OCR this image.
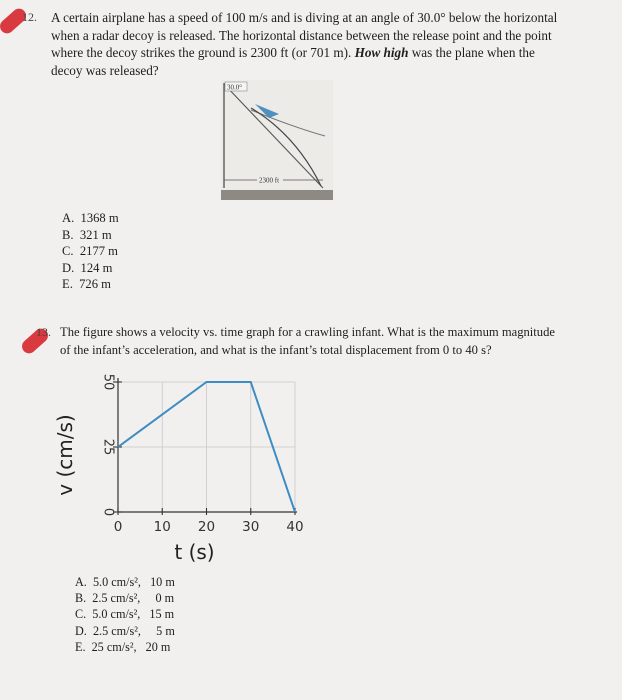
12. A certain airplane has a speed of 100 m/s and is diving at an angle of 30.0° below the horizontal
when a radar decoy is released. The horizontal distance between the release point and the point
where the decoy strikes the ground is 2300 ft (or 701 m). How high was the plane when the
decoy was released?
30.0°
2300 ft
A.  1368 m
B.  321 m
C.  2177 m
D.  124 m
E.  726 m
13. The figure shows a velocity vs. time graph for a crawling infant. What is the maximum magnitude
of the infant’s acceleration, and what is the infant’s total displacement from 0 to 40 s?
0
25
50
0 10 20 30 40
t (s)
v (cm/s)
A.  5.0 cm/s²,   10 m
B.  2.5 cm/s²,     0 m
C.  5.0 cm/s²,   15 m
D.  2.5 cm/s²,     5 m
E.  25 cm/s²,   20 m
